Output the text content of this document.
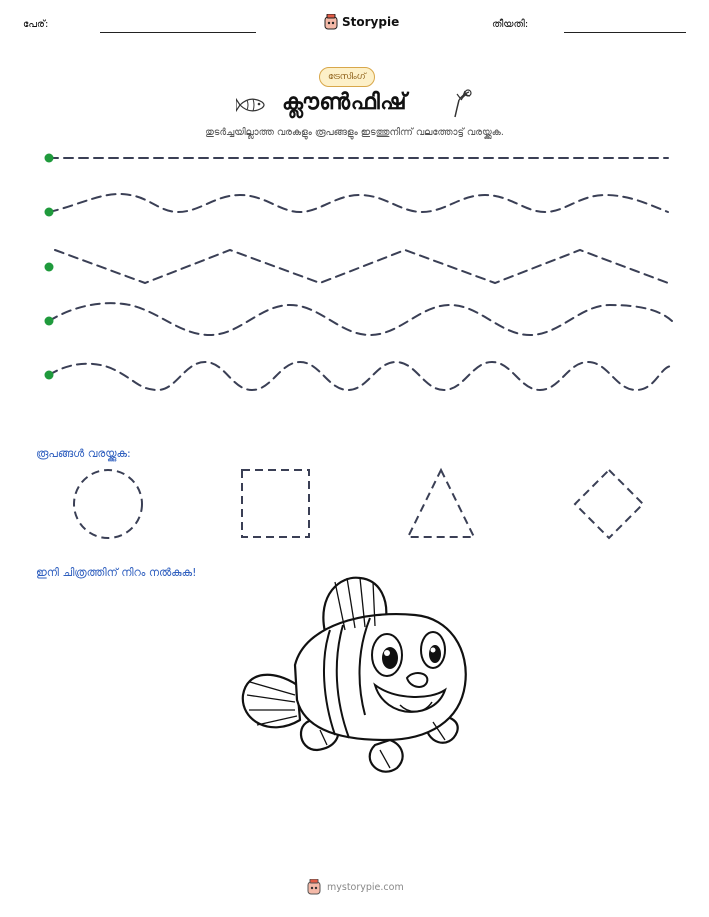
പേര്:	Storypie	തീയതി:
ട്രേസിംഗ്
ക്ലൗൺഫിഷ്
തുടർച്ചയില്ലാത്ത വരകളും രൂപങ്ങളും ഇടത്തുനിന്ന് വലത്തോട്ട് വരയ്ക്കുക.
രൂപങ്ങൾ വരയ്ക്കുക:
ഇനി ചിത്രത്തിന് നിറം നൽകുക!
mystorypie.com
